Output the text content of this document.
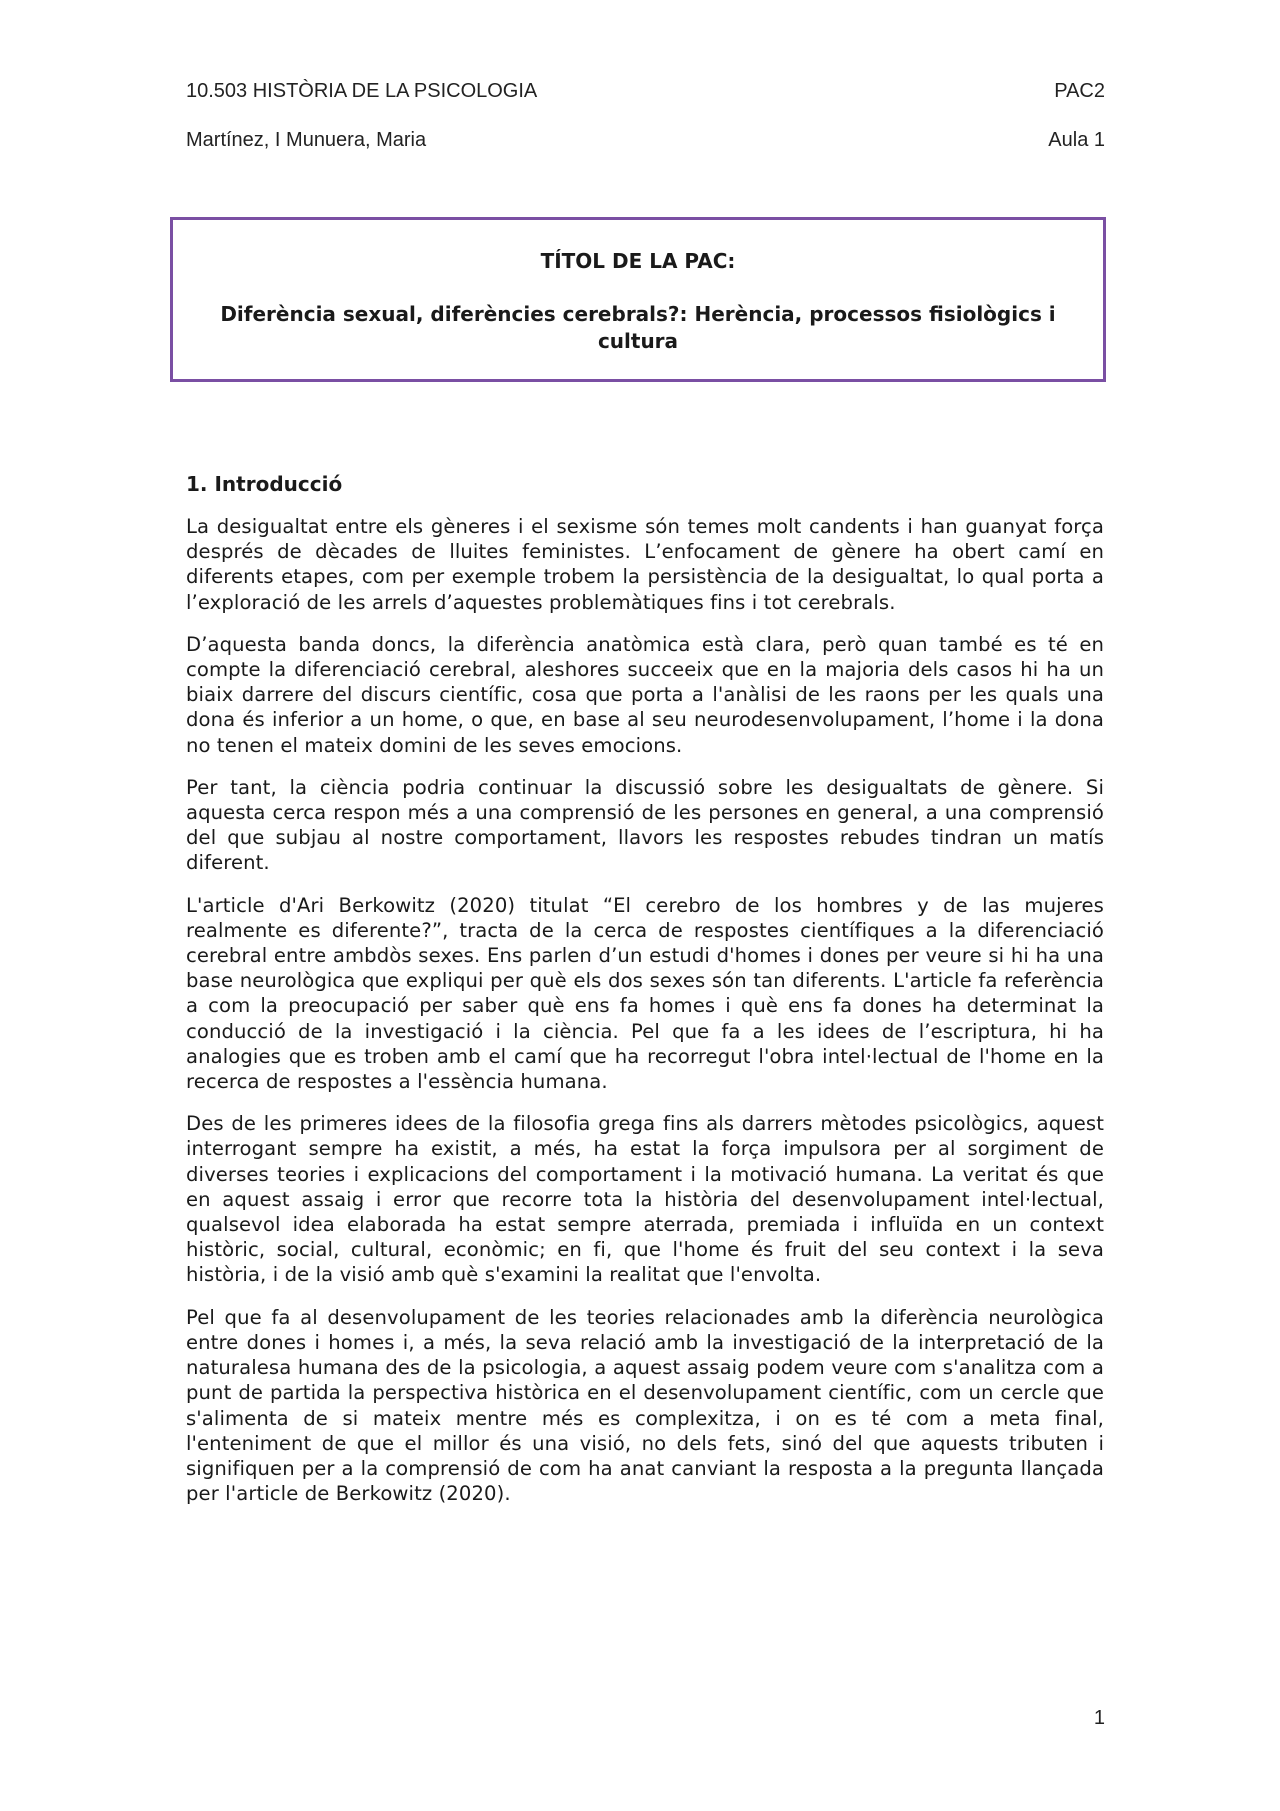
10.503 HISTÒRIA DE LA PSICOLOGIA	PAC2
Martínez, I Munuera, Maria	Aula 1
TÍTOL DE LA PAC:
Diferència sexual, diferències cerebrals?: Herència, processos fisiològics i cultura
1. Introducció

La desigualtat entre els gèneres i el sexisme són temes molt candents i han guanyat força després de dècades de lluites feministes. L’enfocament de gènere ha obert camí en diferents etapes, com per exemple trobem la persistència de la desigualtat, lo qual porta a l’exploració de les arrels d’aquestes problemàtiques fins i tot cerebrals.

D’aquesta banda doncs, la diferència anatòmica està clara, però quan també es té en compte la diferenciació cerebral, aleshores succeeix que en la majoria dels casos hi ha un biaix darrere del discurs científic, cosa que porta a l'anàlisi de les raons per les quals una dona és inferior a un home, o que, en base al seu neurodesenvolupament, l’home i la dona no tenen el mateix domini de les seves emocions.

Per tant, la ciència podria continuar la discussió sobre les desigualtats de gènere. Si aquesta cerca respon més a una comprensió de les persones en general, a una comprensió del que subjau al nostre comportament, llavors les respostes rebudes tindran un matís diferent.

L'article d'Ari Berkowitz (2020) titulat “El cerebro de los hombres y de las mujeres realmente es diferente?”, tracta de la cerca de respostes científiques a la diferenciació cerebral entre ambdòs sexes. Ens parlen d’un estudi d'homes i dones per veure si hi ha una base neurològica que expliqui per què els dos sexes són tan diferents. L'article fa referència a com la preocupació per saber què ens fa homes i què ens fa dones ha determinat la conducció de la investigació i la ciència. Pel que fa a les idees de l’escriptura, hi ha analogies que es troben amb el camí que ha recorregut l'obra intel·lectual de l'home en la recerca de respostes a l'essència humana.

Des de les primeres idees de la filosofia grega fins als darrers mètodes psicològics, aquest interrogant sempre ha existit, a més, ha estat la força impulsora per al sorgiment de diverses teories i explicacions del comportament i la motivació humana. La veritat és que en aquest assaig i error que recorre tota la història del desenvolupament intel·lectual, qualsevol idea elaborada ha estat sempre aterrada, premiada i influïda en un context històric, social, cultural, econòmic; en fi, que l'home és fruit del seu context i la seva història, i de la visió amb què s'examini la realitat que l'envolta.

Pel que fa al desenvolupament de les teories relacionades amb la diferència neurològica entre dones i homes i, a més, la seva relació amb la investigació de la interpretació de la naturalesa humana des de la psicologia, a aquest assaig podem veure com s'analitza com a punt de partida la perspectiva històrica en el desenvolupament científic, com un cercle que s'alimenta de si mateix mentre més es complexitza, i on es té com a meta final, l'enteniment de que el millor és una visió, no dels fets, sinó del que aquests tributen i signifiquen per a la comprensió de com ha anat canviant la resposta a la pregunta llançada per l'article de Berkowitz (2020).

1
